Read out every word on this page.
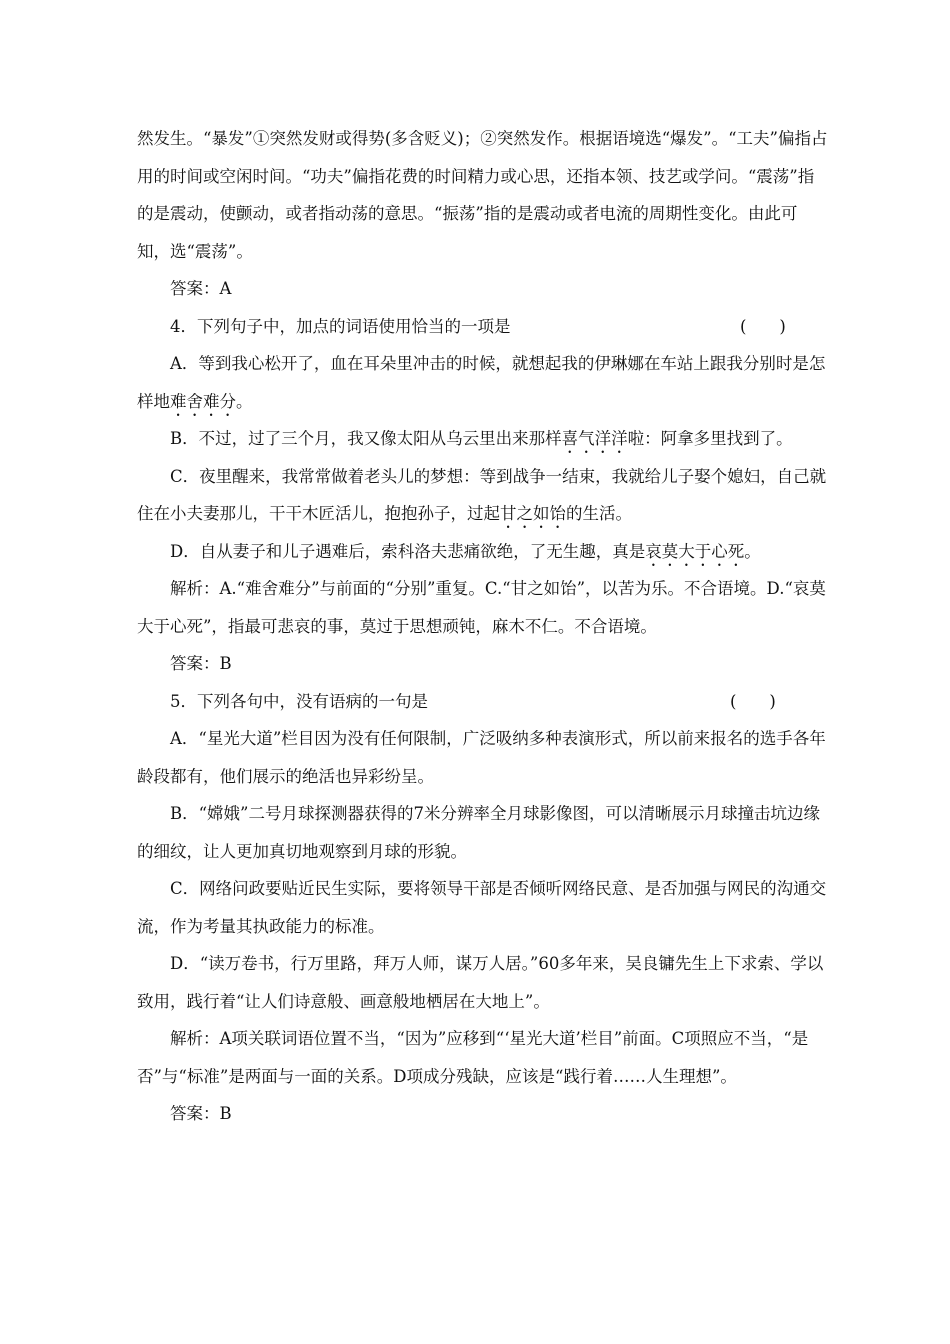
然发生。“暴发”①突然发财或得势(多含贬义)；②突然发作。根据语境选“爆发”。“工夫”偏指占用的时间或空闲时间。“功夫”偏指花费的时间精力或心思，还指本领、技艺或学问。“震荡”指的是震动，使颤动，或者指动荡的意思。“振荡”指的是震动或者电流的周期性变化。由此可知，选“震荡”。

答案：A

4．下列句子中，加点的词语使用恰当的一项是	(　　)

A．等到我心松开了，血在耳朵里冲击的时候，就想起我的伊琳娜在车站上跟我分别时是怎样地难舍难分。

B．不过，过了三个月，我又像太阳从乌云里出来那样喜气洋洋啦：阿拿多里找到了。

C．夜里醒来，我常常做着老头儿的梦想：等到战争一结束，我就给儿子娶个媳妇，自己就住在小夫妻那儿，干干木匠活儿，抱抱孙子，过起甘之如饴的生活。

D．自从妻子和儿子遇难后，索科洛夫悲痛欲绝，了无生趣，真是哀莫大于心死。

解析：A.“难舍难分”与前面的“分别”重复。C.“甘之如饴”，以苦为乐。不合语境。D.“哀莫大于心死”，指最可悲哀的事，莫过于思想顽钝，麻木不仁。不合语境。

答案：B

5．下列各句中，没有语病的一句是	(　　)

A．“星光大道”栏目因为没有任何限制，广泛吸纳多种表演形式，所以前来报名的选手各年龄段都有，他们展示的绝活也异彩纷呈。

B．“嫦娥”二号月球探测器获得的7米分辨率全月球影像图，可以清晰展示月球撞击坑边缘的细纹，让人更加真切地观察到月球的形貌。

C．网络问政要贴近民生实际，要将领导干部是否倾听网络民意、是否加强与网民的沟通交流，作为考量其执政能力的标准。

D．“读万卷书，行万里路，拜万人师，谋万人居。”60多年来，吴良镛先生上下求索、学以致用，践行着“让人们诗意般、画意般地栖居在大地上”。

解析：A项关联词语位置不当，“因为”应移到“‘星光大道’栏目”前面。C项照应不当，“是否”与“标准”是两面与一面的关系。D项成分残缺，应该是“践行着……人生理想”。

答案：B
